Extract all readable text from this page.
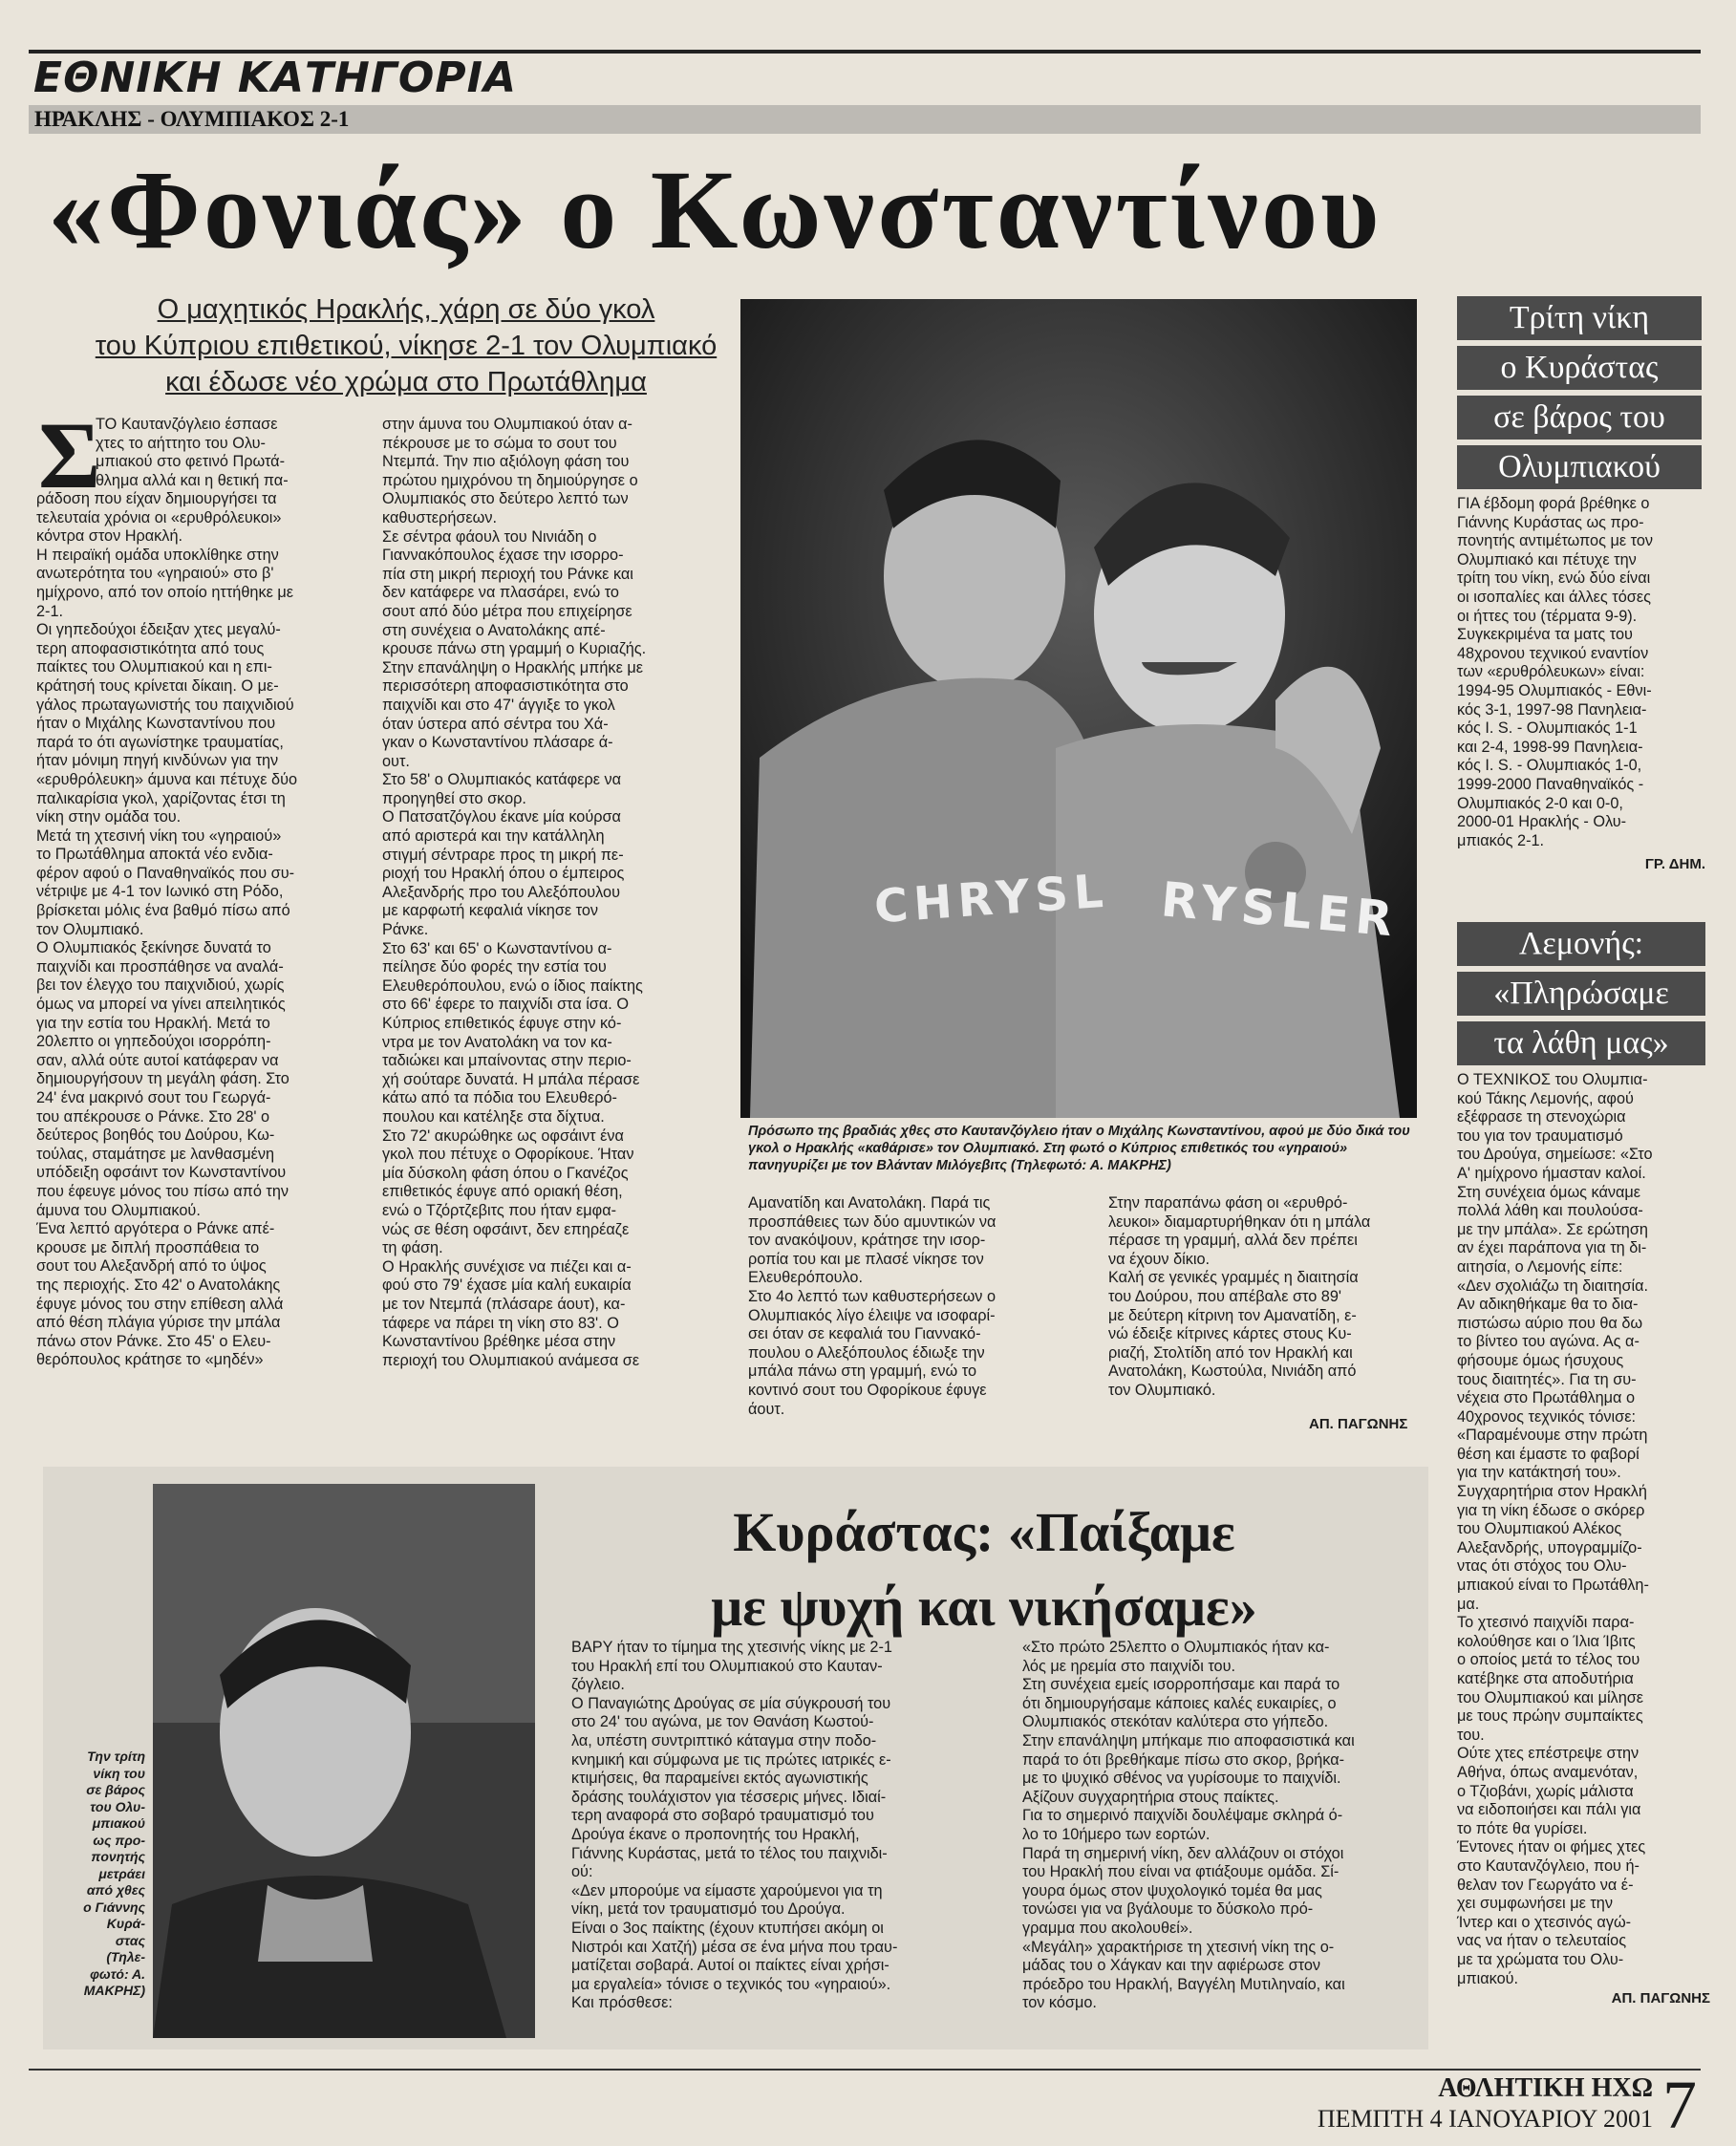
ΕΘΝΙΚΗ ΚΑΤΗΓΟΡΙΑ
ΗΡΑΚΛΗΣ - ΟΛΥΜΠΙΑΚΟΣ 2-1
«Φονιάς» ο Κωνσταντίνου
Ο μαχητικός Ηρακλής, χάρη σε δύο γκολ
του Κύπριου επιθετικού, νίκησε 2-1 τον Ολυμπιακό
και έδωσε νέο χρώμα στο Πρωτάθλημα
Σ
ΤΟ Καυτανζόγλειο έσπασε
χτες το αήττητο του Ολυ-
μπιακού στο φετινό Πρωτά-
θλημα αλλά και η θετική πα-
ράδοση που είχαν δημιουργήσει τα
τελευταία χρόνια οι «ερυθρόλευκοι»
κόντρα στον Ηρακλή.
Η πειραϊκή ομάδα υποκλίθηκε στην
ανωτερότητα του «γηραιού» στο β'
ημίχρονο, από τον οποίο ηττήθηκε με
2-1.
Οι γηπεδούχοι έδειξαν χτες μεγαλύ-
τερη αποφασιστικότητα από τους
παίκτες του Ολυμπιακού και η επι-
κράτησή τους κρίνεται δίκαιη. Ο με-
γάλος πρωταγωνιστής του παιχνιδιού
ήταν ο Μιχάλης Κωνσταντίνου που
παρά το ότι αγωνίστηκε τραυματίας,
ήταν μόνιμη πηγή κινδύνων για την
«ερυθρόλευκη» άμυνα και πέτυχε δύο
παλικαρίσια γκολ, χαρίζοντας έτσι τη
νίκη στην ομάδα του.
Μετά τη χτεσινή νίκη του «γηραιού»
το Πρωτάθλημα αποκτά νέο ενδια-
φέρον αφού ο Παναθηναϊκός που συ-
νέτριψε με 4-1 τον Ιωνικό στη Ρόδο,
βρίσκεται μόλις ένα βαθμό πίσω από
τον Ολυμπιακό.
Ο Ολυμπιακός ξεκίνησε δυνατά το
παιχνίδι και προσπάθησε να αναλά-
βει τον έλεγχο του παιχνιδιού, χωρίς
όμως να μπορεί να γίνει απειλητικός
για την εστία του Ηρακλή. Μετά το
20λεπτο οι γηπεδούχοι ισορρόπη-
σαν, αλλά ούτε αυτοί κατάφεραν να
δημιουργήσουν τη μεγάλη φάση. Στο
24' ένα μακρινό σουτ του Γεωργά-
του απέκρουσε ο Ράνκε. Στο 28' ο
δεύτερος βοηθός του Δούρου, Κω-
τούλας, σταμάτησε με λανθασμένη
υπόδειξη οφσάιντ τον Κωνσταντίνου
που έφευγε μόνος του πίσω από την
άμυνα του Ολυμπιακού.
Ένα λεπτό αργότερα ο Ράνκε απέ-
κρουσε με διπλή προσπάθεια το
σουτ του Αλεξανδρή από το ύψος
της περιοχής. Στο 42' ο Ανατολάκης
έφυγε μόνος του στην επίθεση αλλά
από θέση πλάγια γύρισε την μπάλα
πάνω στον Ράνκε. Στο 45' ο Ελευ-
θερόπουλος κράτησε το «μηδέν»
στην άμυνα του Ολυμπιακού όταν α-
πέκρουσε με το σώμα το σουτ του
Ντεμπά. Την πιο αξιόλογη φάση του
πρώτου ημιχρόνου τη δημιούργησε ο
Ολυμπιακός στο δεύτερο λεπτό των
καθυστερήσεων.
Σε σέντρα φάουλ του Νινιάδη ο
Γιαννακόπουλος έχασε την ισορρο-
πία στη μικρή περιοχή του Ράνκε και
δεν κατάφερε να πλασάρει, ενώ το
σουτ από δύο μέτρα που επιχείρησε
στη συνέχεια ο Ανατολάκης απέ-
κρουσε πάνω στη γραμμή ο Κυριαζής.
Στην επανάληψη ο Ηρακλής μπήκε με
περισσότερη αποφασιστικότητα στο
παιχνίδι και στο 47' άγγιξε το γκολ
όταν ύστερα από σέντρα του Χά-
γκαν ο Κωνσταντίνου πλάσαρε ά-
ουτ.
Στο 58' ο Ολυμπιακός κατάφερε να
προηγηθεί στο σκορ.
Ο Πατσατζόγλου έκανε μία κούρσα
από αριστερά και την κατάλληλη
στιγμή σέντραρε προς τη μικρή πε-
ριοχή του Ηρακλή όπου ο έμπειρος
Αλεξανδρής προ του Αλεξόπουλου
με καρφωτή κεφαλιά νίκησε τον
Ράνκε.
Στο 63' και 65' ο Κωνσταντίνου α-
πείλησε δύο φορές την εστία του
Ελευθερόπουλου, ενώ ο ίδιος παίκτης
στο 66' έφερε το παιχνίδι στα ίσα. Ο
Κύπριος επιθετικός έφυγε στην κό-
ντρα με τον Ανατολάκη να τον κα-
ταδιώκει και μπαίνοντας στην περιο-
χή σούταρε δυνατά. Η μπάλα πέρασε
κάτω από τα πόδια του Ελευθερό-
πουλου και κατέληξε στα δίχτυα.
Στο 72' ακυρώθηκε ως οφσάιντ ένα
γκολ που πέτυχε ο Οφορίκουε. Ήταν
μία δύσκολη φάση όπου ο Γκανέζος
επιθετικός έφυγε από οριακή θέση,
ενώ ο Τζόρτζεβιτς που ήταν εμφα-
νώς σε θέση οφσάιντ, δεν επηρέαζε
τη φάση.
Ο Ηρακλής συνέχισε να πιέζει και α-
φού στο 79' έχασε μία καλή ευκαιρία
με τον Ντεμπά (πλάσαρε άουτ), κα-
τάφερε να πάρει τη νίκη στο 83'. Ο
Κωνσταντίνου βρέθηκε μέσα στην
περιοχή του Ολυμπιακού ανάμεσα σε
CHRYSL RYSLER
Πρόσωπο της βραδιάς χθες στο Καυτανζόγλειο ήταν ο Μιχάλης Κωνσταντίνου, αφού με δύο δικά του γκολ ο Ηρακλής «καθάρισε» τον Ολυμπιακό. Στη φωτό ο Κύπριος επιθετικός του «γηραιού» πανηγυρίζει με τον Βλάνταν Μιλόγεβιτς (Τηλεφωτό: Α. ΜΑΚΡΗΣ)
Αμανατίδη και Ανατολάκη. Παρά τις
προσπάθειες των δύο αμυντικών να
τον ανακόψουν, κράτησε την ισορ-
ροπία του και με πλασέ νίκησε τον
Ελευθερόπουλο.
Στο 4ο λεπτό των καθυστερήσεων ο
Ολυμπιακός λίγο έλειψε να ισοφαρί-
σει όταν σε κεφαλιά του Γιαννακό-
πουλου ο Αλεξόπουλος έδιωξε την
μπάλα πάνω στη γραμμή, ενώ το
κοντινό σουτ του Οφορίκουε έφυγε
άουτ.
Στην παραπάνω φάση οι «ερυθρό-
λευκοι» διαμαρτυρήθηκαν ότι η μπάλα
πέρασε τη γραμμή, αλλά δεν πρέπει
να έχουν δίκιο.
Καλή σε γενικές γραμμές η διαιτησία
του Δούρου, που απέβαλε στο 89'
με δεύτερη κίτρινη τον Αμανατίδη, ε-
νώ έδειξε κίτρινες κάρτες στους Κυ-
ριαζή, Στολτίδη από τον Ηρακλή και
Ανατολάκη, Κωστούλα, Νινιάδη από
τον Ολυμπιακό.
ΑΠ. ΠΑΓΩΝΗΣ
Τρίτη νίκη
ο Κυράστας
σε βάρος του
Ολυμπιακού
ΓΙΑ έβδομη φορά βρέθηκε ο
Γιάννης Κυράστας ως προ-
πονητής αντιμέτωπος με τον
Ολυμπιακό και πέτυχε την
τρίτη του νίκη, ενώ δύο είναι
οι ισοπαλίες και άλλες τόσες
οι ήττες του (τέρματα 9-9).
Συγκεκριμένα τα ματς του
48χρονου τεχνικού εναντίον
των «ερυθρόλευκων» είναι:
1994-95 Ολυμπιακός - Εθνι-
κός 3-1, 1997-98 Πανηλεια-
κός Ι. S. - Ολυμπιακός 1-1
και 2-4, 1998-99 Πανηλεια-
κός Ι. S. - Ολυμπιακός 1-0,
1999-2000 Παναθηναϊκός -
Ολυμπιακός 2-0 και 0-0,
2000-01 Ηρακλής - Ολυ-
μπιακός 2-1.
ΓΡ. ΔΗΜ.
Λεμονής:
«Πληρώσαμε
τα λάθη μας»
Ο ΤΕΧΝΙΚΟΣ του Ολυμπια-
κού Τάκης Λεμονής, αφού
εξέφρασε τη στενοχώρια
του για τον τραυματισμό
του Δρούγα, σημείωσε: «Στο
Α' ημίχρονο ήμασταν καλοί.
Στη συνέχεια όμως κάναμε
πολλά λάθη και πουλούσα-
με την μπάλα». Σε ερώτηση
αν έχει παράπονα για τη δι-
αιτησία, ο Λεμονής είπε:
«Δεν σχολιάζω τη διαιτησία.
Αν αδικηθήκαμε θα το δια-
πιστώσω αύριο που θα δω
το βίντεο του αγώνα. Ας α-
φήσουμε όμως ήσυχους
τους διαιτητές». Για τη συ-
νέχεια στο Πρωτάθλημα ο
40χρονος τεχνικός τόνισε:
«Παραμένουμε στην πρώτη
θέση και έμαστε το φαβορί
για την κατάκτησή του».
Συγχαρητήρια στον Ηρακλή
για τη νίκη έδωσε ο σκόρερ
του Ολυμπιακού Αλέκος
Αλεξανδρής, υπογραμμίζο-
ντας ότι στόχος του Ολυ-
μπιακού είναι το Πρωτάθλη-
μα.
Το χτεσινό παιχνίδι παρα-
κολούθησε και ο Ίλια Ίβιτς
ο οποίος μετά το τέλος του
κατέβηκε στα αποδυτήρια
του Ολυμπιακού και μίλησε
με τους πρώην συμπαίκτες
του.
Ούτε χτες επέστρεψε στην
Αθήνα, όπως αναμενόταν,
ο Τζιοβάνι, χωρίς μάλιστα
να ειδοποιήσει και πάλι για
το πότε θα γυρίσει.
Έντονες ήταν οι φήμες χτες
στο Καυτανζόγλειο, που ή-
θελαν τον Γεωργάτο να έ-
χει συμφωνήσει με την
Ίντερ και ο χτεσινός αγώ-
νας να ήταν ο τελευταίος
με τα χρώματα του Ολυ-
μπιακού.
ΑΠ. ΠΑΓΩΝΗΣ
Κυράστας: «Παίξαμε
με ψυχή και νικήσαμε»
Την τρίτη
νίκη του
σε βάρος
του Ολυ-
μπιακού
ως προ-
πονητής
μετράει
από χθες
ο Γιάννης
Κυρά-
στας
(Τηλε-
φωτό: Α.
ΜΑΚΡΗΣ)
ΒΑΡΥ ήταν το τίμημα της χτεσινής νίκης με 2-1
του Ηρακλή επί του Ολυμπιακού στο Καυταν-
ζόγλειο.
Ο Παναγιώτης Δρούγας σε μία σύγκρουσή του
στο 24' του αγώνα, με τον Θανάση Κωστού-
λα, υπέστη συντριπτικό κάταγμα στην ποδο-
κνημική και σύμφωνα με τις πρώτες ιατρικές ε-
κτιμήσεις, θα παραμείνει εκτός αγωνιστικής
δράσης τουλάχιστον για τέσσερις μήνες. Ιδιαί-
τερη αναφορά στο σοβαρό τραυματισμό του
Δρούγα έκανε ο προπονητής του Ηρακλή,
Γιάννης Κυράστας, μετά το τέλος του παιχνιδι-
ού:
«Δεν μπορούμε να είμαστε χαρούμενοι για τη
νίκη, μετά τον τραυματισμό του Δρούγα.
Είναι ο 3ος παίκτης (έχουν κτυπήσει ακόμη οι
Νιστρόι και Χατζή) μέσα σε ένα μήνα που τραυ-
ματίζεται σοβαρά. Αυτοί οι παίκτες είναι χρήσι-
μα εργαλεία» τόνισε ο τεχνικός του «γηραιού».
Και πρόσθεσε:
«Στο πρώτο 25λεπτο ο Ολυμπιακός ήταν κα-
λός με ηρεμία στο παιχνίδι του.
Στη συνέχεια εμείς ισορροπήσαμε και παρά το
ότι δημιουργήσαμε κάποιες καλές ευκαιρίες, ο
Ολυμπιακός στεκόταν καλύτερα στο γήπεδο.
Στην επανάληψη μπήκαμε πιο αποφασιστικά και
παρά το ότι βρεθήκαμε πίσω στο σκορ, βρήκα-
με το ψυχικό σθένος να γυρίσουμε το παιχνίδι.
Αξίζουν συγχαρητήρια στους παίκτες.
Για το σημερινό παιχνίδι δουλέψαμε σκληρά ό-
λο το 10ήμερο των εορτών.
Παρά τη σημερινή νίκη, δεν αλλάζουν οι στόχοι
του Ηρακλή που είναι να φτιάξουμε ομάδα. Σί-
γουρα όμως στον ψυχολογικό τομέα θα μας
τονώσει για να βγάλουμε το δύσκολο πρό-
γραμμα που ακολουθεί».
«Μεγάλη» χαρακτήρισε τη χτεσινή νίκη της ο-
μάδας του ο Χάγκαν και την αφιέρωσε στον
πρόεδρο του Ηρακλή, Βαγγέλη Μυτιληναίο, και
τον κόσμο.
ΑΘΛΗΤΙΚΗ ΗΧΩ
ΠΕΜΠΤΗ 4 ΙΑΝΟΥΑΡΙΟΥ 2001 7
